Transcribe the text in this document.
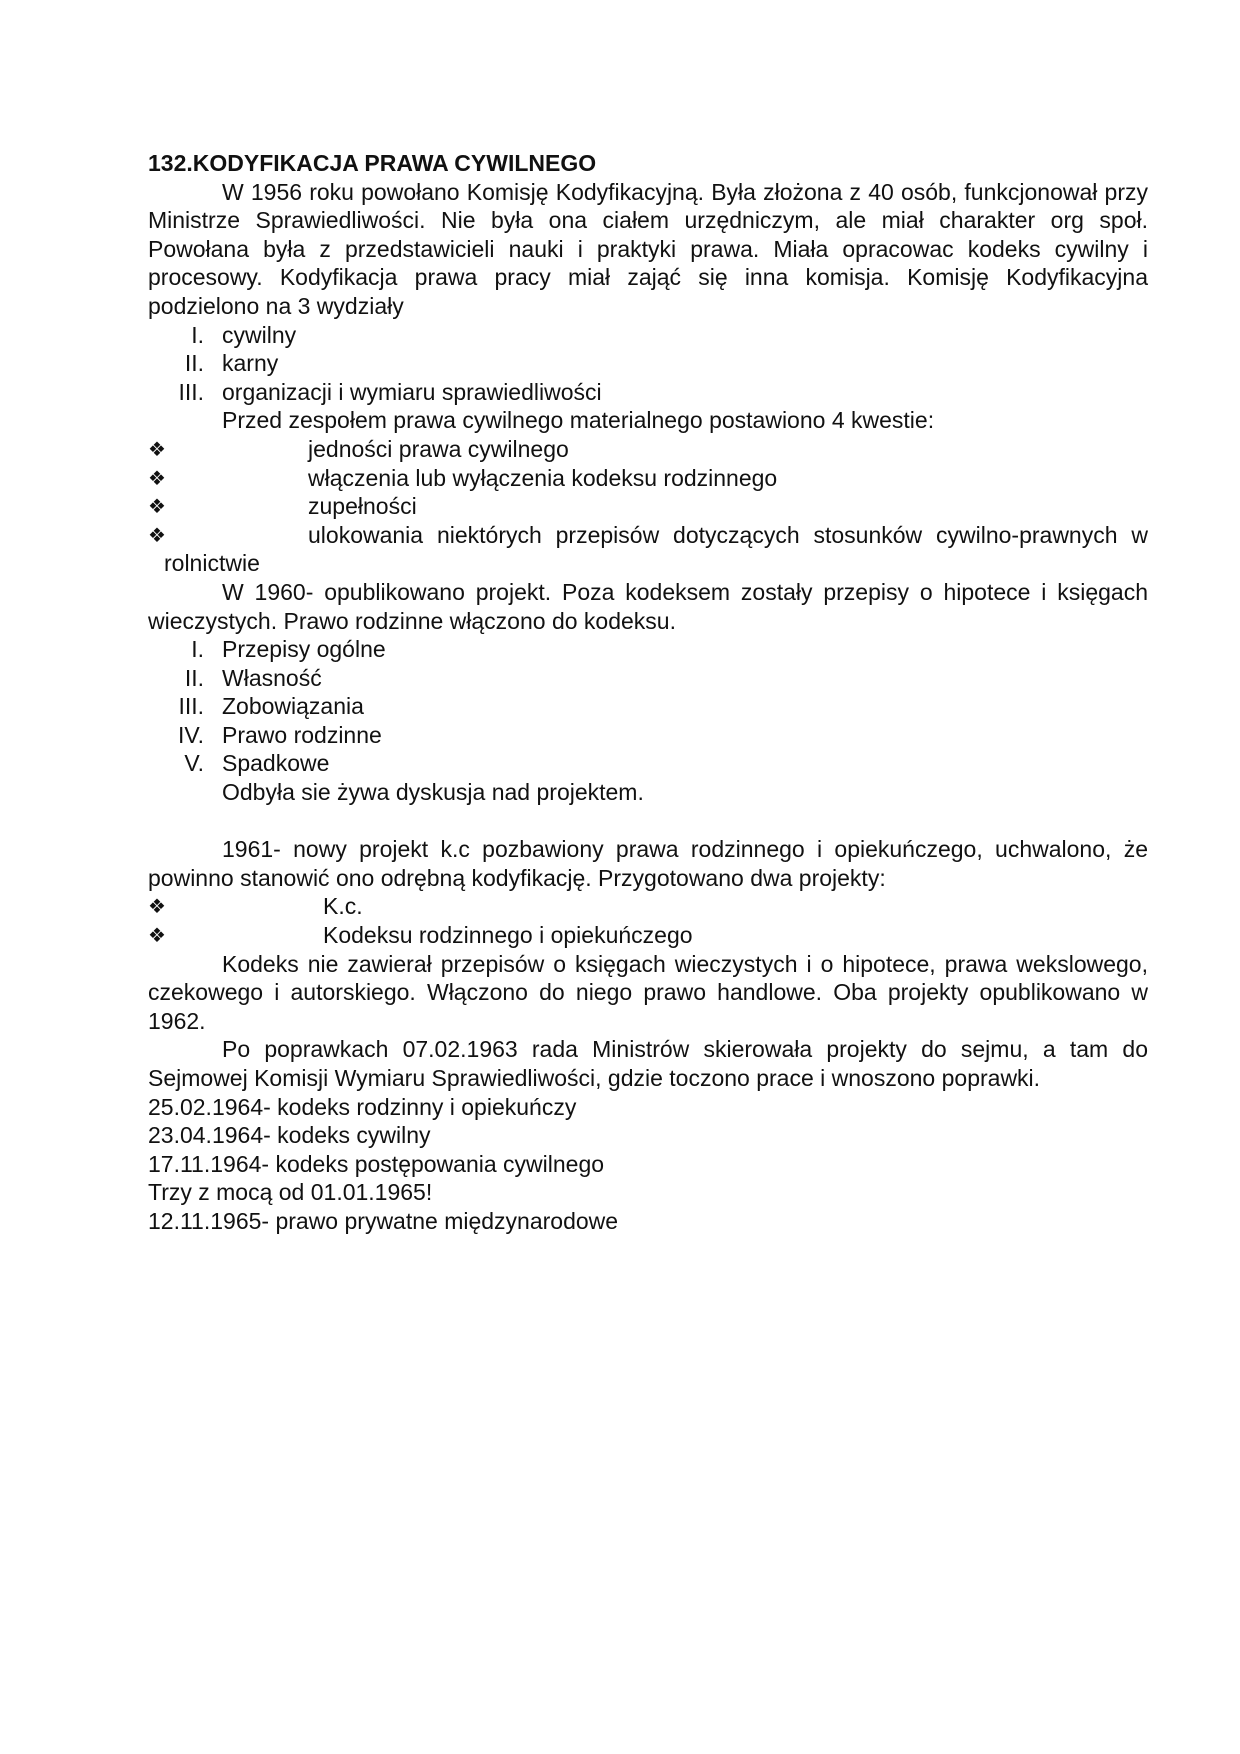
132.KODYFIKACJA PRAWA CYWILNEGO

W 1956 roku powołano Komisję Kodyfikacyjną. Była złożona z 40 osób, funkcjonował przy Ministrze Sprawiedliwości. Nie była ona ciałem urzędniczym, ale miał charakter org społ. Powołana była z przedstawicieli nauki i praktyki prawa. Miała opracowac kodeks cywilny i procesowy. Kodyfikacja prawa pracy miał zająć się inna komisja. Komisję Kodyfikacyjna podzielono na 3 wydziały

I. cywilny
II. karny
III. organizacji i wymiaru sprawiedliwości

Przed zespołem prawa cywilnego materialnego postawiono 4 kwestie:

❖	jedności prawa cywilnego
❖	włączenia lub wyłączenia kodeksu rodzinnego
❖	zupełności
❖	ulokowania niektórych przepisów dotyczących stosunków cywilno-prawnych w rolnictwie

W 1960- opublikowano projekt. Poza kodeksem zostały przepisy o hipotece i księgach wieczystych. Prawo rodzinne włączono do kodeksu.

I. Przepisy ogólne
II. Własność
III. Zobowiązania
IV. Prawo rodzinne
V. Spadkowe

Odbyła sie żywa dyskusja nad projektem.

1961- nowy projekt k.c pozbawiony prawa rodzinnego i opiekuńczego, uchwalono, że powinno stanowić ono odrębną kodyfikację. Przygotowano dwa projekty:

❖	K.c.
❖	Kodeksu rodzinnego i opiekuńczego

Kodeks nie zawierał przepisów o księgach wieczystych i o hipotece, prawa wekslowego, czekowego i autorskiego. Włączono do niego prawo handlowe. Oba projekty opublikowano w 1962.

Po poprawkach 07.02.1963 rada Ministrów skierowała projekty do sejmu, a tam do Sejmowej Komisji Wymiaru Sprawiedliwości, gdzie toczono prace i wnoszono poprawki.

25.02.1964- kodeks rodzinny i opiekuńczy

23.04.1964- kodeks cywilny

17.11.1964- kodeks postępowania cywilnego

Trzy z mocą od 01.01.1965!

12.11.1965- prawo prywatne międzynarodowe
